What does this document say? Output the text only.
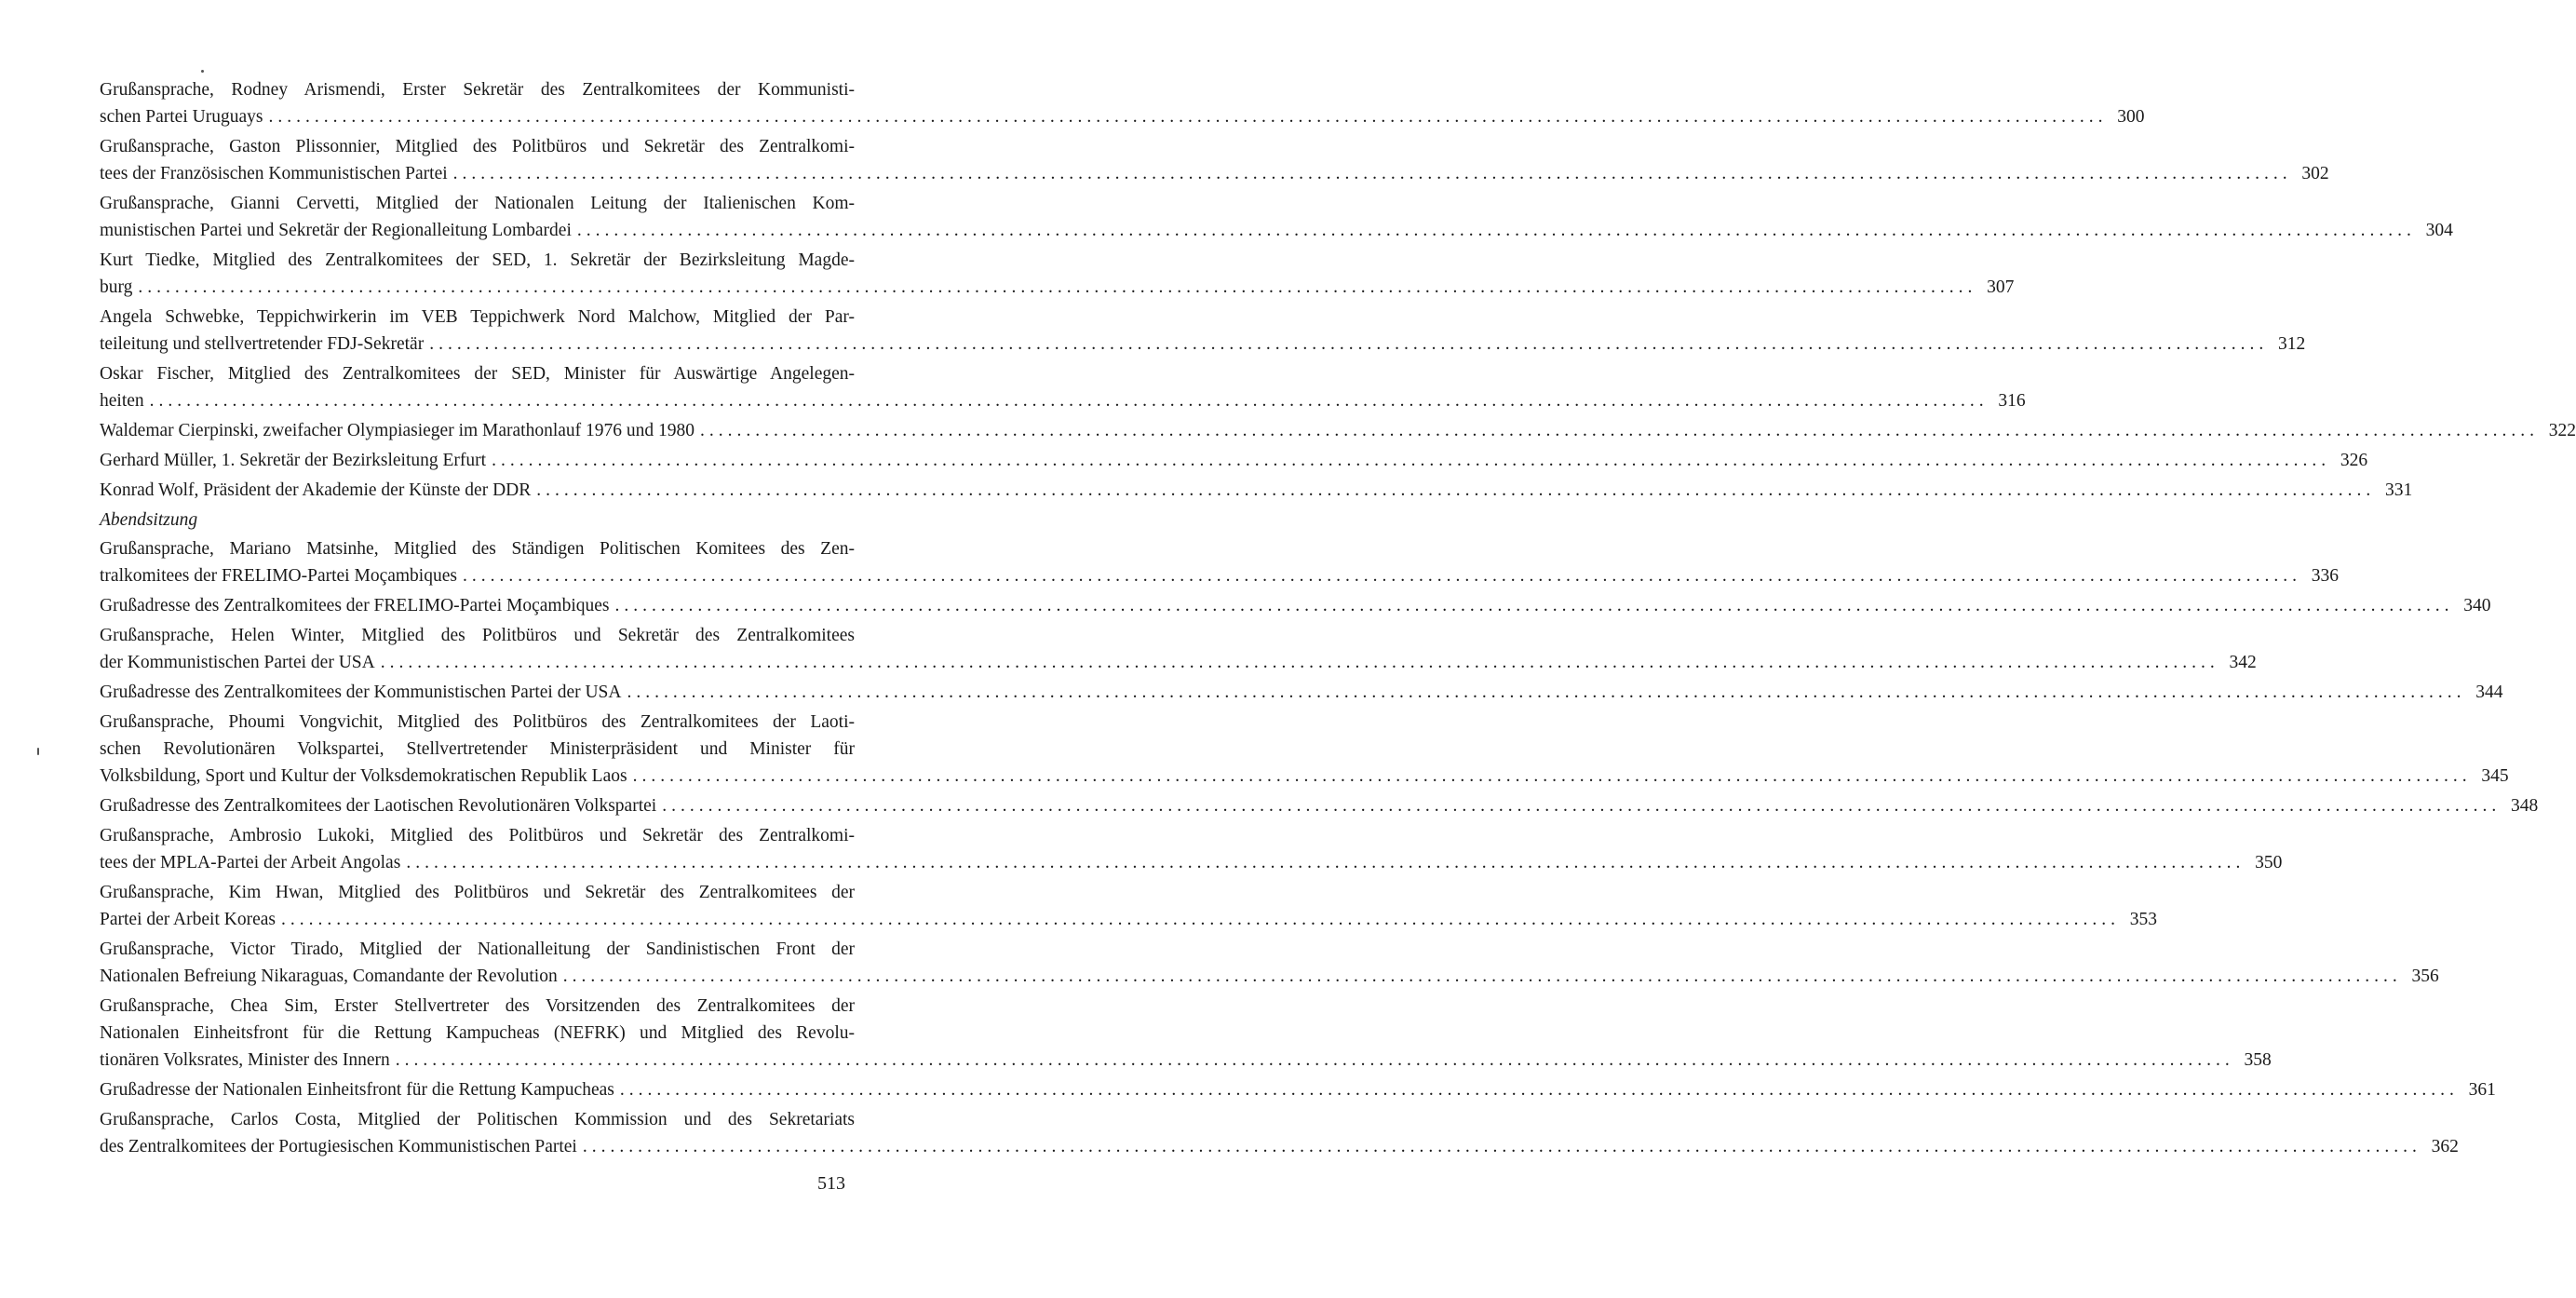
Grußansprache, Rodney Arismendi, Erster Sekretär des Zentralkomitees der Kommunisti-
schen Partei Uruguays ........................................................................................................................................................................................................ 300
Grußansprache, Gaston Plissonnier, Mitglied des Politbüros und Sekretär des Zentralkomi-
tees der Französischen Kommunistischen Partei ........................................................................................................................................................................................................ 302
Grußansprache, Gianni Cervetti, Mitglied der Nationalen Leitung der Italienischen Kom-
munistischen Partei und Sekretär der Regionalleitung Lombardei ........................................................................................................................................................................................................ 304
Kurt Tiedke, Mitglied des Zentralkomitees der SED, 1. Sekretär der Bezirksleitung Magde-
burg ........................................................................................................................................................................................................ 307
Angela Schwebke, Teppichwirkerin im VEB Teppichwerk Nord Malchow, Mitglied der Par-
teileitung und stellvertretender FDJ-Sekretär ........................................................................................................................................................................................................ 312
Oskar Fischer, Mitglied des Zentralkomitees der SED, Minister für Auswärtige Angelegen-
heiten ........................................................................................................................................................................................................ 316
Waldemar Cierpinski, zweifacher Olympiasieger im Marathonlauf 1976 und 1980 ........................................................................................................................................................................................................ 322
Gerhard Müller, 1. Sekretär der Bezirksleitung Erfurt ........................................................................................................................................................................................................ 326
Konrad Wolf, Präsident der Akademie der Künste der DDR ........................................................................................................................................................................................................ 331
Abendsitzung
Grußansprache, Mariano Matsinhe, Mitglied des Ständigen Politischen Komitees des Zen-
tralkomitees der FRELIMO-Partei Moçambiques ........................................................................................................................................................................................................ 336
Grußadresse des Zentralkomitees der FRELIMO-Partei Moçambiques ........................................................................................................................................................................................................ 340
Grußansprache, Helen Winter, Mitglied des Politbüros und Sekretär des Zentralkomitees
der Kommunistischen Partei der USA ........................................................................................................................................................................................................ 342
Grußadresse des Zentralkomitees der Kommunistischen Partei der USA ........................................................................................................................................................................................................ 344
Grußansprache, Phoumi Vongvichit, Mitglied des Politbüros des Zentralkomitees der Laoti-
schen Revolutionären Volkspartei, Stellvertretender Ministerpräsident und Minister für
Volksbildung, Sport und Kultur der Volksdemokratischen Republik Laos ........................................................................................................................................................................................................ 345
Grußadresse des Zentralkomitees der Laotischen Revolutionären Volkspartei ........................................................................................................................................................................................................ 348
Grußansprache, Ambrosio Lukoki, Mitglied des Politbüros und Sekretär des Zentralkomi-
tees der MPLA-Partei der Arbeit Angolas ........................................................................................................................................................................................................ 350
Grußansprache, Kim Hwan, Mitglied des Politbüros und Sekretär des Zentralkomitees der
Partei der Arbeit Koreas ........................................................................................................................................................................................................ 353
Grußansprache, Victor Tirado, Mitglied der Nationalleitung der Sandinistischen Front der
Nationalen Befreiung Nikaraguas, Comandante der Revolution ........................................................................................................................................................................................................ 356
Grußansprache, Chea Sim, Erster Stellvertreter des Vorsitzenden des Zentralkomitees der
Nationalen Einheitsfront für die Rettung Kampucheas (NEFRK) und Mitglied des Revolu-
tionären Volksrates, Minister des Innern ........................................................................................................................................................................................................ 358
Grußadresse der Nationalen Einheitsfront für die Rettung Kampucheas ........................................................................................................................................................................................................ 361
Grußansprache, Carlos Costa, Mitglied der Politischen Kommission und des Sekretariats
des Zentralkomitees der Portugiesischen Kommunistischen Partei ........................................................................................................................................................................................................ 362
513
